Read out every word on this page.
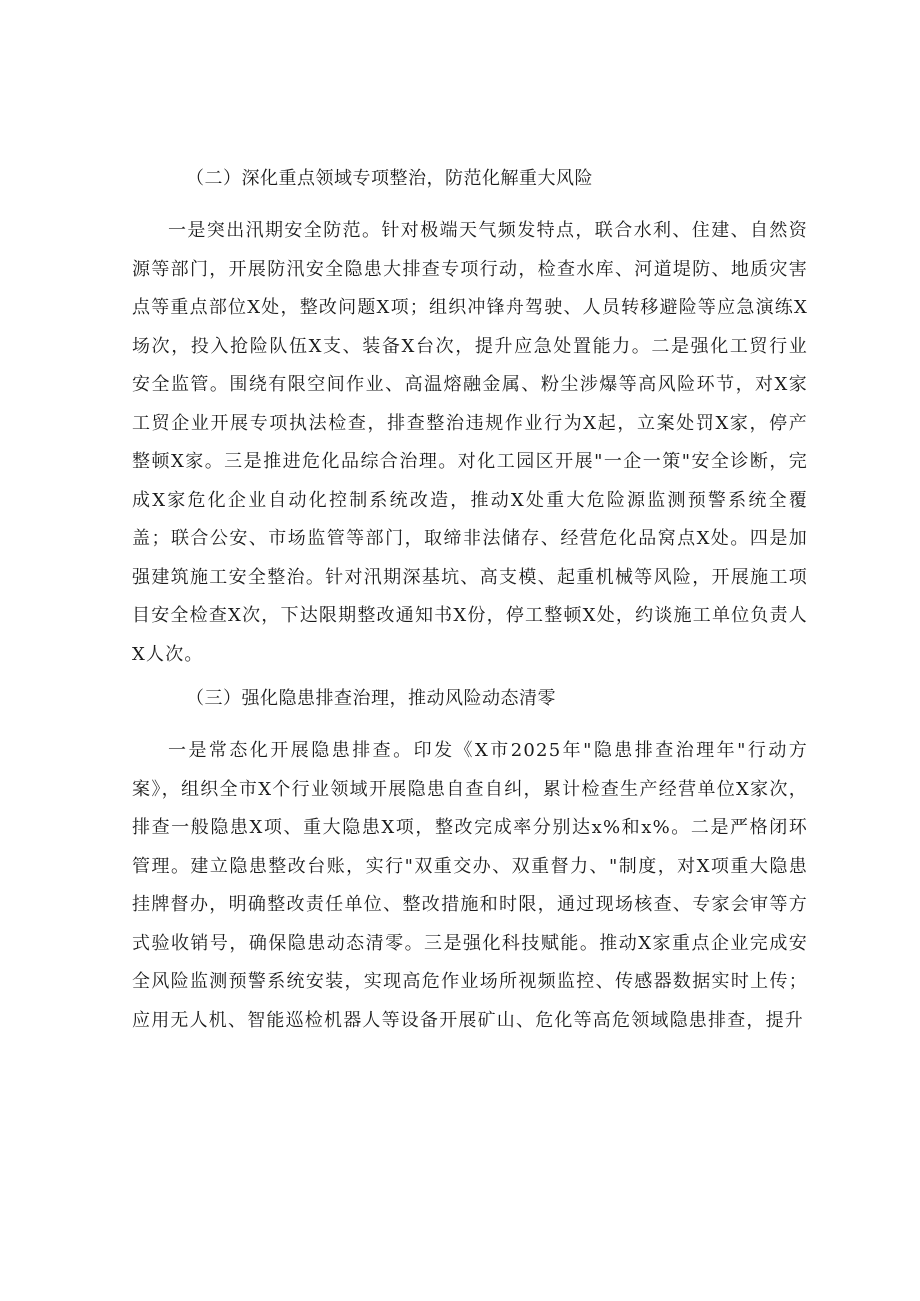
（二）深化重点领域专项整治，防范化解重大风险

一是突出汛期安全防范。针对极端天气频发特点，联合水利、住建、自然资源等部门，开展防汛安全隐患大排查专项行动，检查水库、河道堤防、地质灾害点等重点部位X处，整改问题X项；组织冲锋舟驾驶、人员转移避险等应急演练X场次，投入抢险队伍X支、装备X台次，提升应急处置能力。二是强化工贸行业安全监管。围绕有限空间作业、高温熔融金属、粉尘涉爆等高风险环节，对X家工贸企业开展专项执法检查，排查整治违规作业行为X起，立案处罚X家，停产整顿X家。三是推进危化品综合治理。对化工园区开展"一企一策"安全诊断，完成X家危化企业自动化控制系统改造，推动X处重大危险源监测预警系统全覆盖；联合公安、市场监管等部门，取缔非法储存、经营危化品窝点X处。四是加强建筑施工安全整治。针对汛期深基坑、高支模、起重机械等风险，开展施工项目安全检查X次，下达限期整改通知书X份，停工整顿X处，约谈施工单位负责人X人次。

（三）强化隐患排查治理，推动风险动态清零

一是常态化开展隐患排查。印发《X市2025年"隐患排查治理年"行动方案》，组织全市X个行业领域开展隐患自查自纠，累计检查生产经营单位X家次，排查一般隐患X项、重大隐患X项，整改完成率分别达x%和x%。二是严格闭环管理。建立隐患整改台账，实行"双重交办、双重督力、"制度，对X项重大隐患挂牌督办，明确整改责任单位、整改措施和时限，通过现场核查、专家会审等方式验收销号，确保隐患动态清零。三是强化科技赋能。推动X家重点企业完成安全风险监测预警系统安装，实现高危作业场所视频监控、传感器数据实时上传；应用无人机、智能巡检机器人等设备开展矿山、危化等高危领域隐患排查，提升
